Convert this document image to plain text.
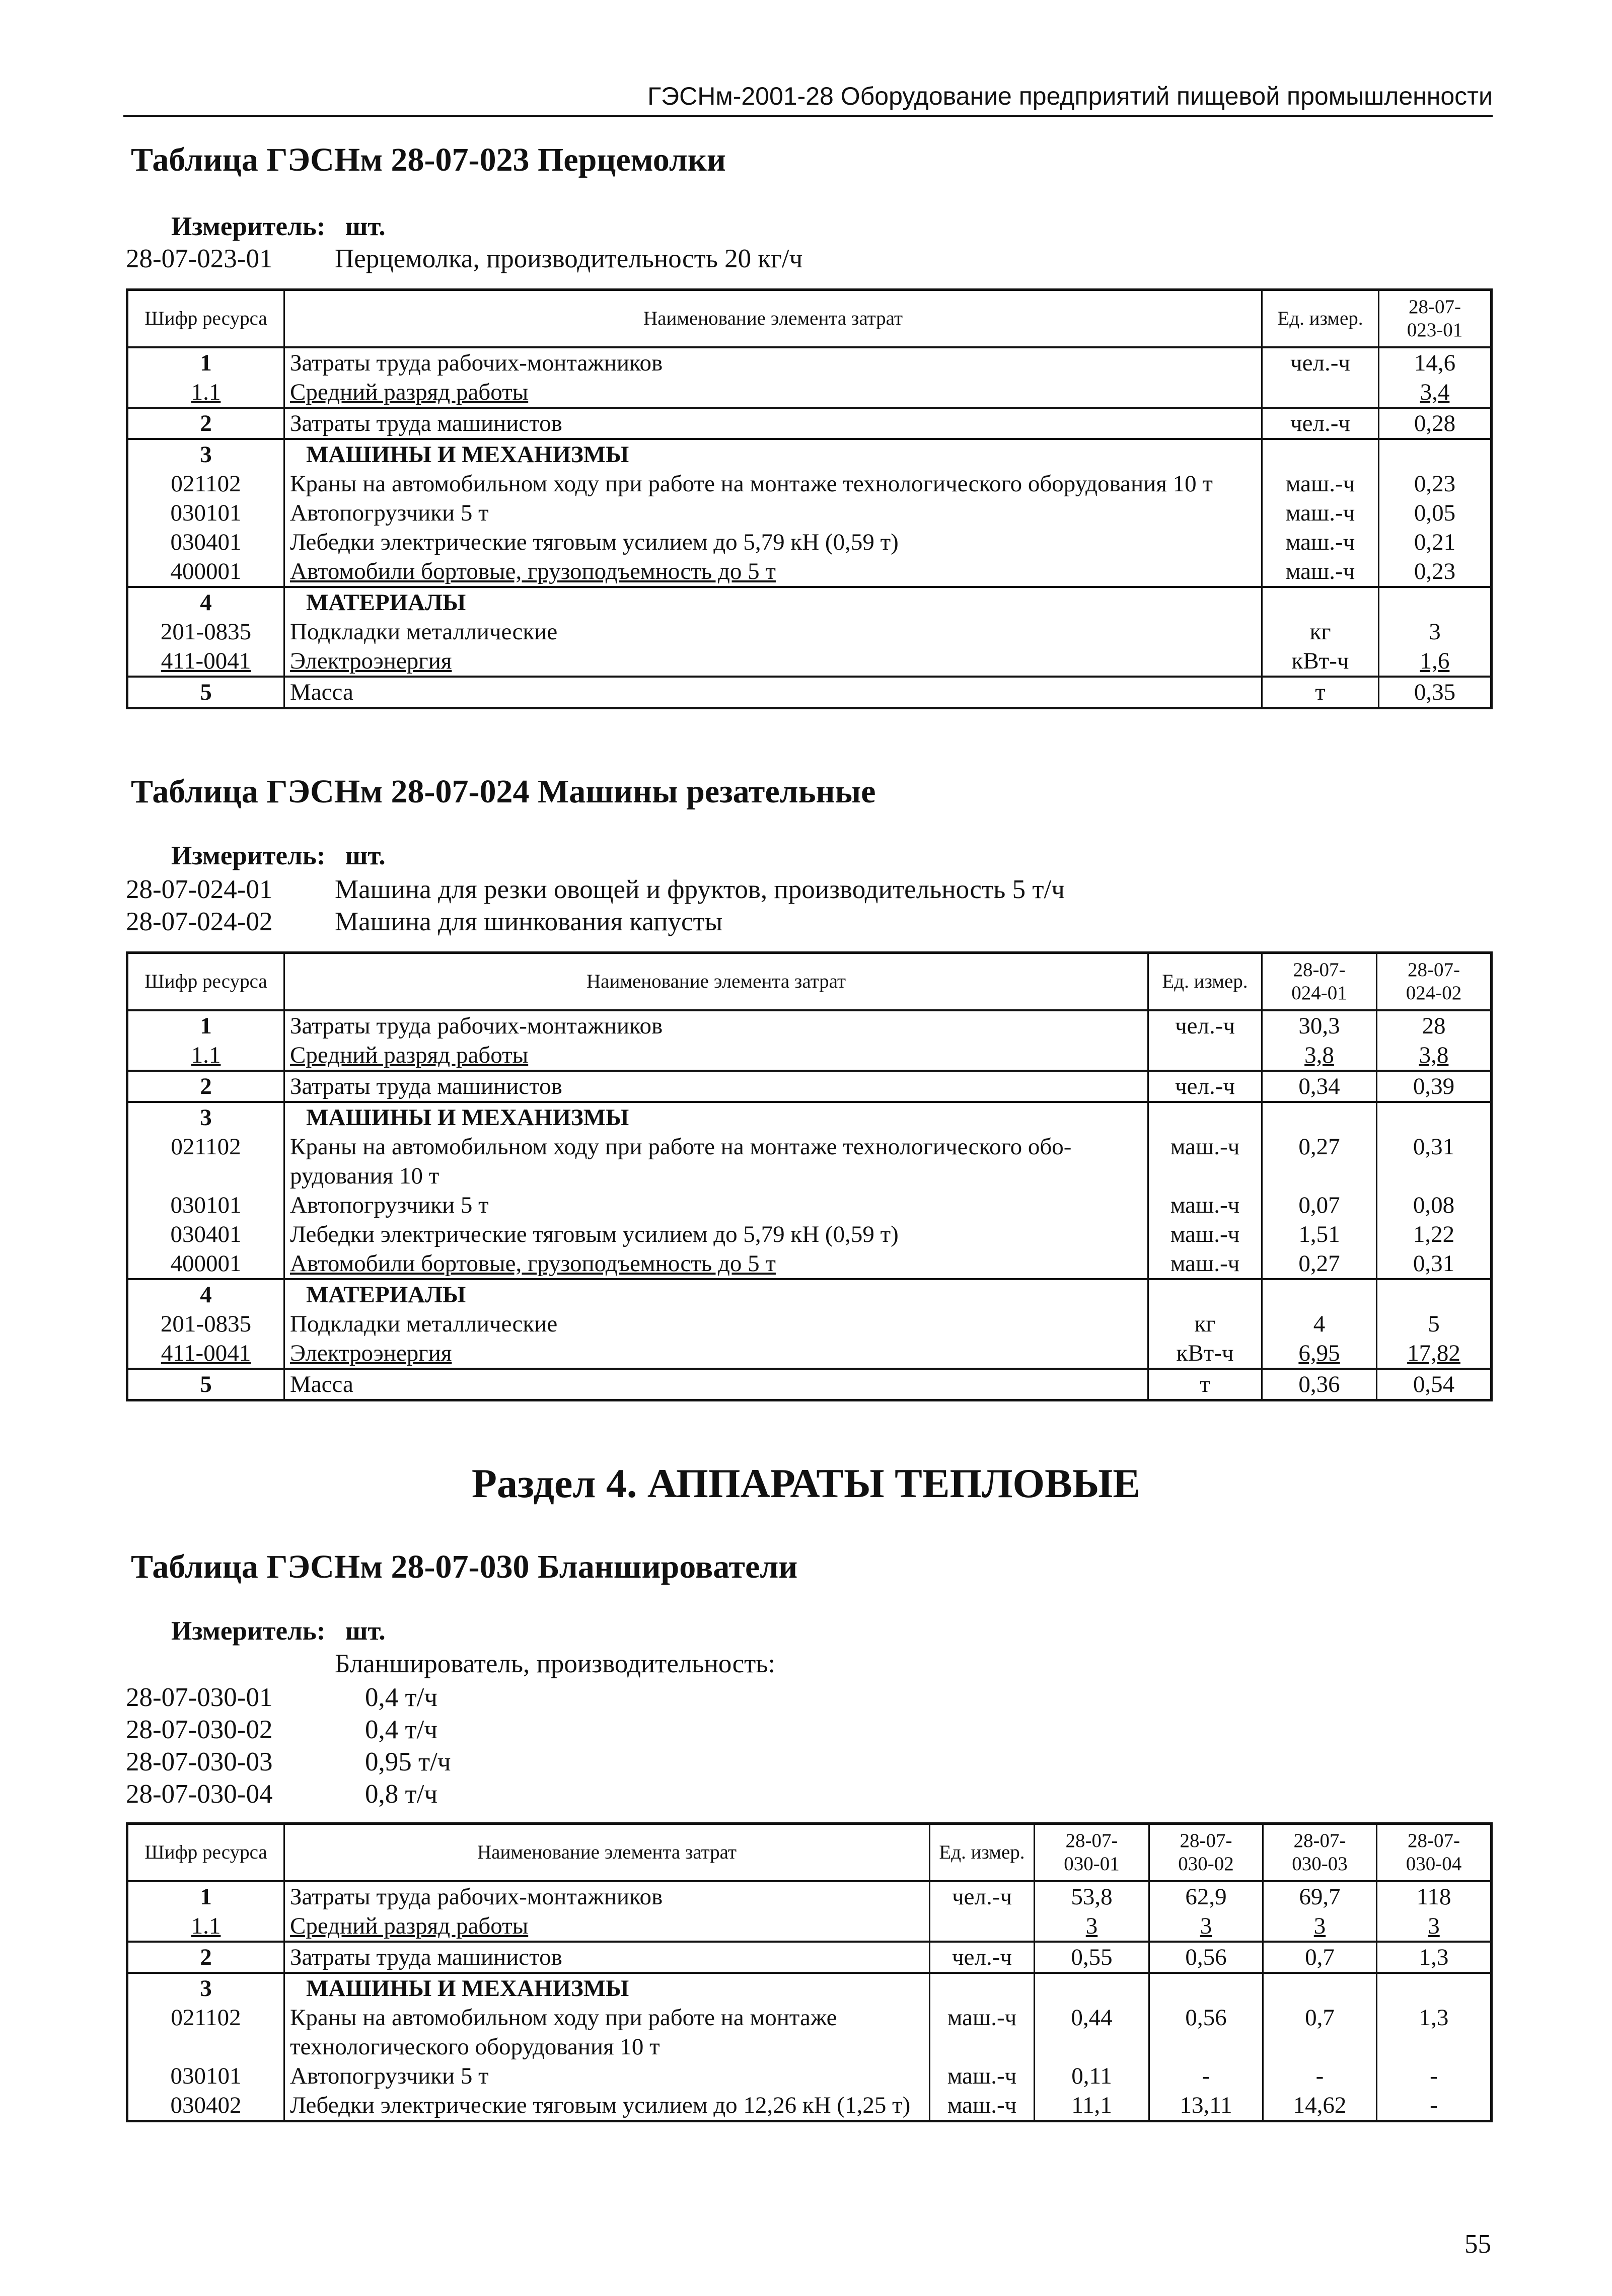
ГЭСНм-2001-28 Оборудование предприятий пищевой промышленности
Таблица ГЭСНм 28-07-023 Перцемолки
Измеритель: шт.
28-07-023-01	Перцемолка, производительность 20 кг/ч
Шифр ресурса	Наименование элемента затрат	Ед. измер.	28-07-
023-01
1	Затраты труда рабочих-монтажников	чел.-ч	14,6
1.1	Средний разряд работы		3,4
2	Затраты труда машинистов	чел.-ч	0,28
3	МАШИНЫ И МЕХАНИЗМЫ		
021102	Краны на автомобильном ходу при работе на монтаже технологического оборудования 10 т	маш.-ч	0,23
030101	Автопогрузчики 5 т	маш.-ч	0,05
030401	Лебедки электрические тяговым усилием до 5,79 кН (0,59 т)	маш.-ч	0,21
400001	Автомобили бортовые, грузоподъемность до 5 т	маш.-ч	0,23
4	МАТЕРИАЛЫ		
201-0835	Подкладки металлические	кг	3
411-0041	Электроэнергия	кВт-ч	1,6
5	Масса	т	0,35
Таблица ГЭСНм 28-07-024 Машины резательные
Измеритель: шт.
28-07-024-01	Машина для резки овощей и фруктов, производительность 5 т/ч
28-07-024-02	Машина для шинкования капусты
Шифр ресурса	Наименование элемента затрат	Ед. измер.	28-07-
024-01	28-07-
024-02
1	Затраты труда рабочих-монтажников	чел.-ч	30,3	28
1.1	Средний разряд работы		3,8	3,8
2	Затраты труда машинистов	чел.-ч	0,34	0,39
3	МАШИНЫ И МЕХАНИЗМЫ			
021102	Краны на автомобильном ходу при работе на монтаже технологического обо-рудования 10 т	маш.-ч	0,27	0,31
030101	Автопогрузчики 5 т	маш.-ч	0,07	0,08
030401	Лебедки электрические тяговым усилием до 5,79 кН (0,59 т)	маш.-ч	1,51	1,22
400001	Автомобили бортовые, грузоподъемность до 5 т	маш.-ч	0,27	0,31
4	МАТЕРИАЛЫ			
201-0835	Подкладки металлические	кг	4	5
411-0041	Электроэнергия	кВт-ч	6,95	17,82
5	Масса	т	0,36	0,54
Раздел 4. АППАРАТЫ ТЕПЛОВЫЕ
Таблица ГЭСНм 28-07-030 Бланширователи
Измеритель: шт.
Бланширователь, производительность:
28-07-030-01	0,4 т/ч
28-07-030-02	0,4 т/ч
28-07-030-03	0,95 т/ч
28-07-030-04	0,8 т/ч
Шифр ресурса	Наименование элемента затрат	Ед. измер.	28-07-
030-01	28-07-
030-02	28-07-
030-03	28-07-
030-04
1	Затраты труда рабочих-монтажников	чел.-ч	53,8	62,9	69,7	118
1.1	Средний разряд работы		3	3	3	3
2	Затраты труда машинистов	чел.-ч	0,55	0,56	0,7	1,3
3	МАШИНЫ И МЕХАНИЗМЫ					
021102	Краны на автомобильном ходу при работе на монтаже технологического оборудования 10 т	маш.-ч	0,44	0,56	0,7	1,3
030101	Автопогрузчики 5 т	маш.-ч	0,11	-	-	-
030402	Лебедки электрические тяговым усилием до 12,26 кН (1,25 т)	маш.-ч	11,1	13,11	14,62	-
55
